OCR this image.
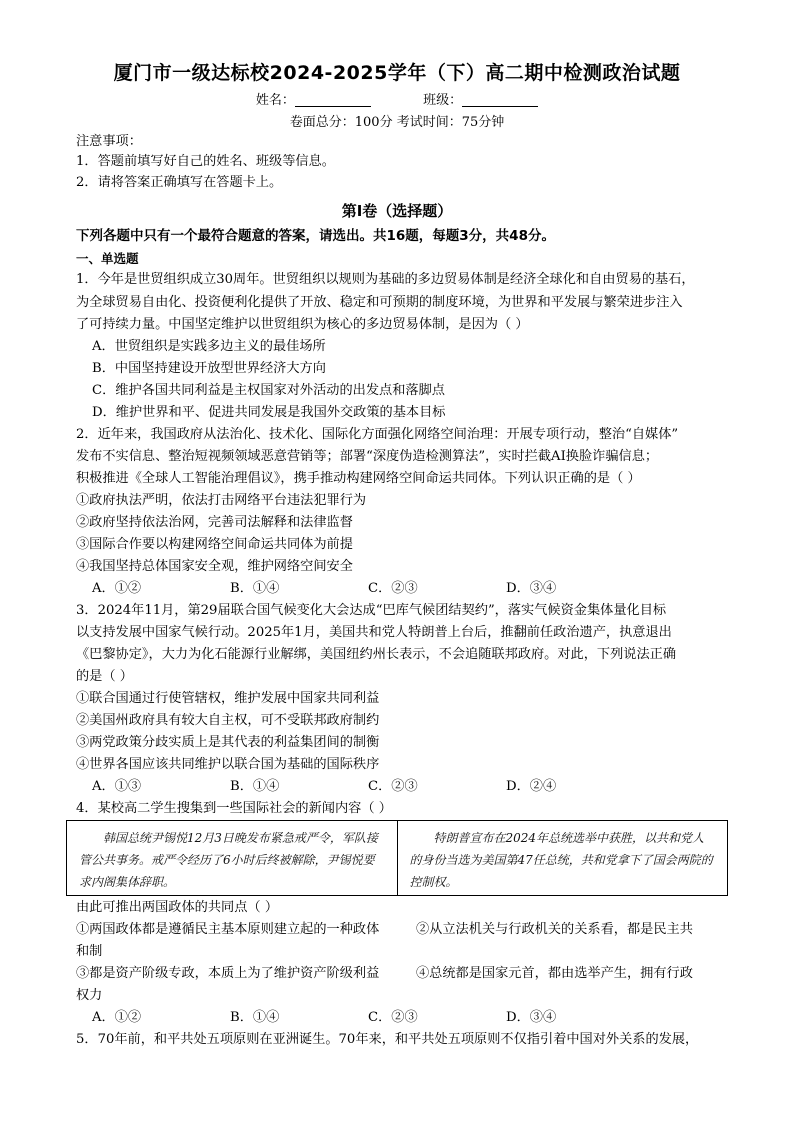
厦门市一级达标校2024-2025学年（下）高二期中检测政治试题
姓名：	班级：
卷面总分：100分 考试时间：75分钟
注意事项：
1．答题前填写好自己的姓名、班级等信息。
2．请将答案正确填写在答题卡上。
第Ⅰ卷（选择题）
下列各题中只有一个最符合题意的答案，请选出。共16题，每题3分，共48分。
一、单选题
1．今年是世贸组织成立30周年。世贸组织以规则为基础的多边贸易体制是经济全球化和自由贸易的基石，
为全球贸易自由化、投资便利化提供了开放、稳定和可预期的制度环境，为世界和平发展与繁荣进步注入
了可持续力量。中国坚定维护以世贸组织为核心的多边贸易体制，是因为（ ）
A．世贸组织是实践多边主义的最佳场所
B．中国坚持建设开放型世界经济大方向
C．维护各国共同利益是主权国家对外活动的出发点和落脚点
D．维护世界和平、促进共同发展是我国外交政策的基本目标
2．近年来，我国政府从法治化、技术化、国际化方面强化网络空间治理：开展专项行动，整治“自媒体”
发布不实信息、整治短视频领域恶意营销等；部署“深度伪造检测算法”，实时拦截AI换脸诈骗信息；
积极推进《全球人工智能治理倡议》，携手推动构建网络空间命运共同体。下列认识正确的是（ ）
①政府执法严明，依法打击网络平台违法犯罪行为
②政府坚持依法治网，完善司法解释和法律监督
③国际合作要以构建网络空间命运共同体为前提
④我国坚持总体国家安全观，维护网络空间安全
A．①②	B．①④	C．②③	D．③④
3．2024年11月，第29届联合国气候变化大会达成“巴库气候团结契约”，落实气候资金集体量化目标
以支持发展中国家气候行动。2025年1月，美国共和党人特朗普上台后，推翻前任政治遗产，执意退出
《巴黎协定》，大力为化石能源行业解绑，美国纽约州长表示，不会追随联邦政府。对此，下列说法正确
的是（ ）
①联合国通过行使管辖权，维护发展中国家共同利益
②美国州政府具有较大自主权，可不受联邦政府制约
③两党政策分歧实质上是其代表的利益集团间的制衡
④世界各国应该共同维护以联合国为基础的国际秩序
A．①③	B．①④	C．②③	D．②④
4．某校高二学生搜集到一些国际社会的新闻内容（ ）
韩国总统尹锡悦12月3日晚发布紧急戒严令，军队接管公共事务。戒严令经历了6小时后终被解除，尹锡悦要求内阁集体辞职。
特朗普宣布在2024年总统选举中获胜，以共和党人的身份当选为美国第47任总统，共和党拿下了国会两院的控制权。
由此可推出两国政体的共同点（ ）
①两国政体都是遵循民主基本原则建立起的一种政体	②从立法机关与行政机关的关系看，都是民主共
和制
③都是资产阶级专政，本质上为了维护资产阶级利益	④总统都是国家元首，都由选举产生，拥有行政
权力
A．①②	B．①④	C．②③	D．③④
5．70年前，和平共处五项原则在亚洲诞生。70年来，和平共处五项原则不仅指引着中国对外关系的发展，
